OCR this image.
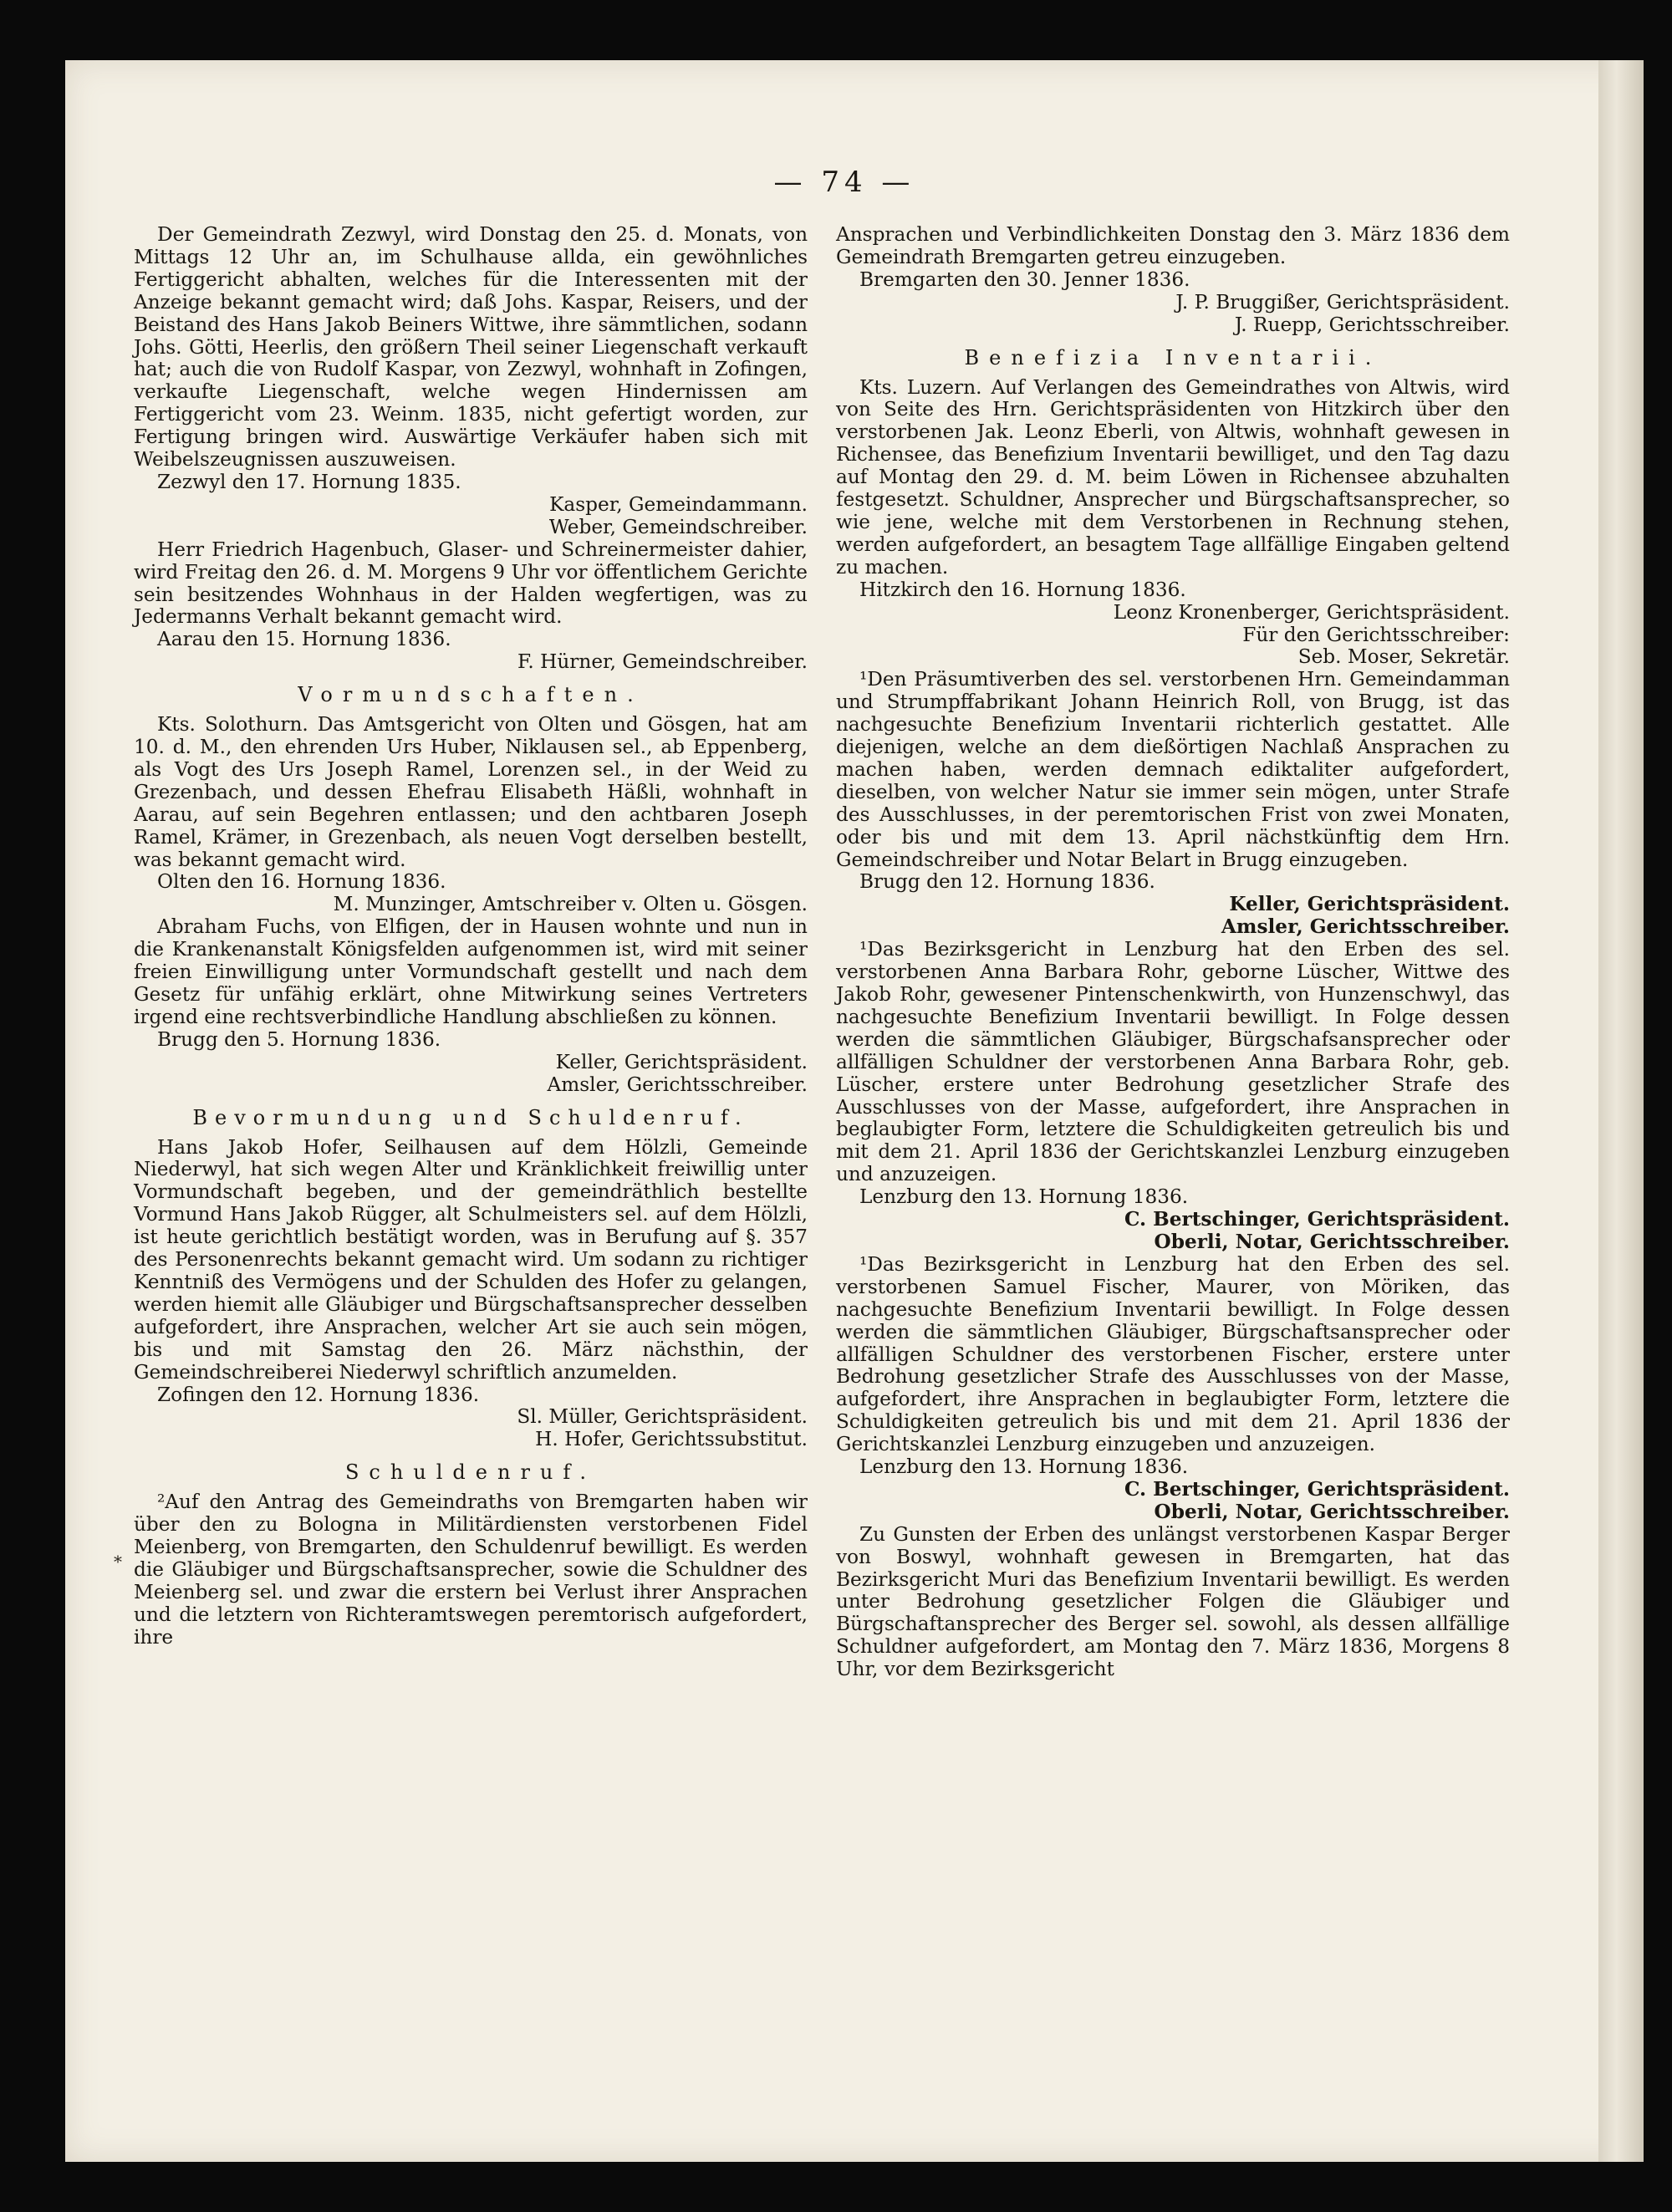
— 74 —

Der Gemeindrath Zezwyl, wird Donstag den 25. d. Monats, von Mittags 12 Uhr an, im Schulhause allda, ein gewöhnliches Fertiggericht abhalten, welches für die Interessenten mit der Anzeige bekannt gemacht wird; daß Johs. Kaspar, Reisers, und der Beistand des Hans Jakob Beiners Wittwe, ihre sämmtlichen, sodann Johs. Götti, Heerlis, den größern Theil seiner Liegenschaft verkauft hat; auch die von Rudolf Kaspar, von Zezwyl, wohnhaft in Zofingen, verkaufte Liegenschaft, welche wegen Hindernissen am Fertiggericht vom 23. Weinm. 1835, nicht gefertigt worden, zur Fertigung bringen wird. Auswärtige Verkäufer haben sich mit Weibelszeugnissen auszuweisen.

Zezwyl den 17. Hornung 1835.

Kasper, Gemeindammann.
Weber, Gemeindschreiber.

Herr Friedrich Hagenbuch, Glaser- und Schreinermeister dahier, wird Freitag den 26. d. M. Morgens 9 Uhr vor öffentlichem Gerichte sein besitzendes Wohnhaus in der Halden wegfertigen, was zu Jedermanns Verhalt bekannt gemacht wird.

Aarau den 15. Hornung 1836.

F. Hürner, Gemeindschreiber.

Vormundschaften.

Kts. Solothurn. Das Amtsgericht von Olten und Gösgen, hat am 10. d. M., den ehrenden Urs Huber, Niklausen sel., ab Eppenberg, als Vogt des Urs Joseph Ramel, Lorenzen sel., in der Weid zu Grezenbach, und dessen Ehefrau Elisabeth Häßli, wohnhaft in Aarau, auf sein Begehren entlassen; und den achtbaren Joseph Ramel, Krämer, in Grezenbach, als neuen Vogt derselben bestellt, was bekannt gemacht wird.

Olten den 16. Hornung 1836.

M. Munzinger, Amtschreiber v. Olten u. Gösgen.

Abraham Fuchs, von Elfigen, der in Hausen wohnte und nun in die Krankenanstalt Königsfelden aufgenommen ist, wird mit seiner freien Einwilligung unter Vormundschaft gestellt und nach dem Gesetz für unfähig erklärt, ohne Mitwirkung seines Vertreters irgend eine rechtsverbindliche Handlung abschließen zu können.

Brugg den 5. Hornung 1836.

Keller, Gerichtspräsident.
Amsler, Gerichtsschreiber.

Bevormundung und Schuldenruf.

Hans Jakob Hofer, Seilhausen auf dem Hölzli, Gemeinde Niederwyl, hat sich wegen Alter und Kränklichkeit freiwillig unter Vormundschaft begeben, und der gemeindräthlich bestellte Vormund Hans Jakob Rügger, alt Schulmeisters sel. auf dem Hölzli, ist heute gerichtlich bestätigt worden, was in Berufung auf §. 357 des Personenrechts bekannt gemacht wird. Um sodann zu richtiger Kenntniß des Vermögens und der Schulden des Hofer zu gelangen, werden hiemit alle Gläubiger und Bürgschaftsansprecher desselben aufgefordert, ihre Ansprachen, welcher Art sie auch sein mögen, bis und mit Samstag den 26. März nächsthin, der Gemeindschreiberei Niederwyl schriftlich anzumelden.

Zofingen den 12. Hornung 1836.

Sl. Müller, Gerichtspräsident.
H. Hofer, Gerichtssubstitut.

Schuldenruf.

²Auf den Antrag des Gemeindraths von Bremgarten haben wir über den zu Bologna in Militärdiensten verstorbenen Fidel Meienberg, von Bremgarten, den Schuldenruf bewilligt. Es werden die Gläubiger und Bürgschaftsansprecher, sowie die Schuldner des Meienberg sel. und zwar die erstern bei Verlust ihrer Ansprachen und die letztern von Richteramtswegen peremtorisch aufgefordert, ihre

Ansprachen und Verbindlichkeiten Donstag den 3. März 1836 dem Gemeindrath Bremgarten getreu einzugeben.

Bremgarten den 30. Jenner 1836.

J. P. Bruggißer, Gerichtspräsident.
J. Ruepp, Gerichtsschreiber.

Benefizia Inventarii.

Kts. Luzern. Auf Verlangen des Gemeindrathes von Altwis, wird von Seite des Hrn. Gerichtspräsidenten von Hitzkirch über den verstorbenen Jak. Leonz Eberli, von Altwis, wohnhaft gewesen in Richensee, das Benefizium Inventarii bewilliget, und den Tag dazu auf Montag den 29. d. M. beim Löwen in Richensee abzuhalten festgesetzt. Schuldner, Ansprecher und Bürgschaftsansprecher, so wie jene, welche mit dem Verstorbenen in Rechnung stehen, werden aufgefordert, an besagtem Tage allfällige Eingaben geltend zu machen.

Hitzkirch den 16. Hornung 1836.

Leonz Kronenberger, Gerichtspräsident.
Für den Gerichtsschreiber:
Seb. Moser, Sekretär.

¹Den Präsumtiverben des sel. verstorbenen Hrn. Gemeindamman und Strumpffabrikant Johann Heinrich Roll, von Brugg, ist das nachgesuchte Benefizium Inventarii richterlich gestattet. Alle diejenigen, welche an dem dießörtigen Nachlaß Ansprachen zu machen haben, werden demnach ediktaliter aufgefordert, dieselben, von welcher Natur sie immer sein mögen, unter Strafe des Ausschlusses, in der peremtorischen Frist von zwei Monaten, oder bis und mit dem 13. April nächstkünftig dem Hrn. Gemeindschreiber und Notar Belart in Brugg einzugeben.

Brugg den 12. Hornung 1836.

Keller, Gerichtspräsident.
Amsler, Gerichtsschreiber.

¹Das Bezirksgericht in Lenzburg hat den Erben des sel. verstorbenen Anna Barbara Rohr, geborne Lüscher, Wittwe des Jakob Rohr, gewesener Pintenschenkwirth, von Hunzenschwyl, das nachgesuchte Benefizium Inventarii bewilligt. In Folge dessen werden die sämmtlichen Gläubiger, Bürgschafsansprecher oder allfälligen Schuldner der verstorbenen Anna Barbara Rohr, geb. Lüscher, erstere unter Bedrohung gesetzlicher Strafe des Ausschlusses von der Masse, aufgefordert, ihre Ansprachen in beglaubigter Form, letztere die Schuldigkeiten getreulich bis und mit dem 21. April 1836 der Gerichtskanzlei Lenzburg einzugeben und anzuzeigen.

Lenzburg den 13. Hornung 1836.

C. Bertschinger, Gerichtspräsident.
Oberli, Notar, Gerichtsschreiber.

¹Das Bezirksgericht in Lenzburg hat den Erben des sel. verstorbenen Samuel Fischer, Maurer, von Möriken, das nachgesuchte Benefizium Inventarii bewilligt. In Folge dessen werden die sämmtlichen Gläubiger, Bürgschaftsansprecher oder allfälligen Schuldner des verstorbenen Fischer, erstere unter Bedrohung gesetzlicher Strafe des Ausschlusses von der Masse, aufgefordert, ihre Ansprachen in beglaubigter Form, letztere die Schuldigkeiten getreulich bis und mit dem 21. April 1836 der Gerichtskanzlei Lenzburg einzugeben und anzuzeigen.

Lenzburg den 13. Hornung 1836.

C. Bertschinger, Gerichtspräsident.
Oberli, Notar, Gerichtsschreiber.

Zu Gunsten der Erben des unlängst verstorbenen Kaspar Berger von Boswyl, wohnhaft gewesen in Bremgarten, hat das Bezirksgericht Muri das Benefizium Inventarii bewilligt. Es werden unter Bedrohung gesetzlicher Folgen die Gläubiger und Bürgschaftansprecher des Berger sel. sowohl, als dessen allfällige Schuldner aufgefordert, am Montag den 7. März 1836, Morgens 8 Uhr, vor dem Bezirksgericht

*
